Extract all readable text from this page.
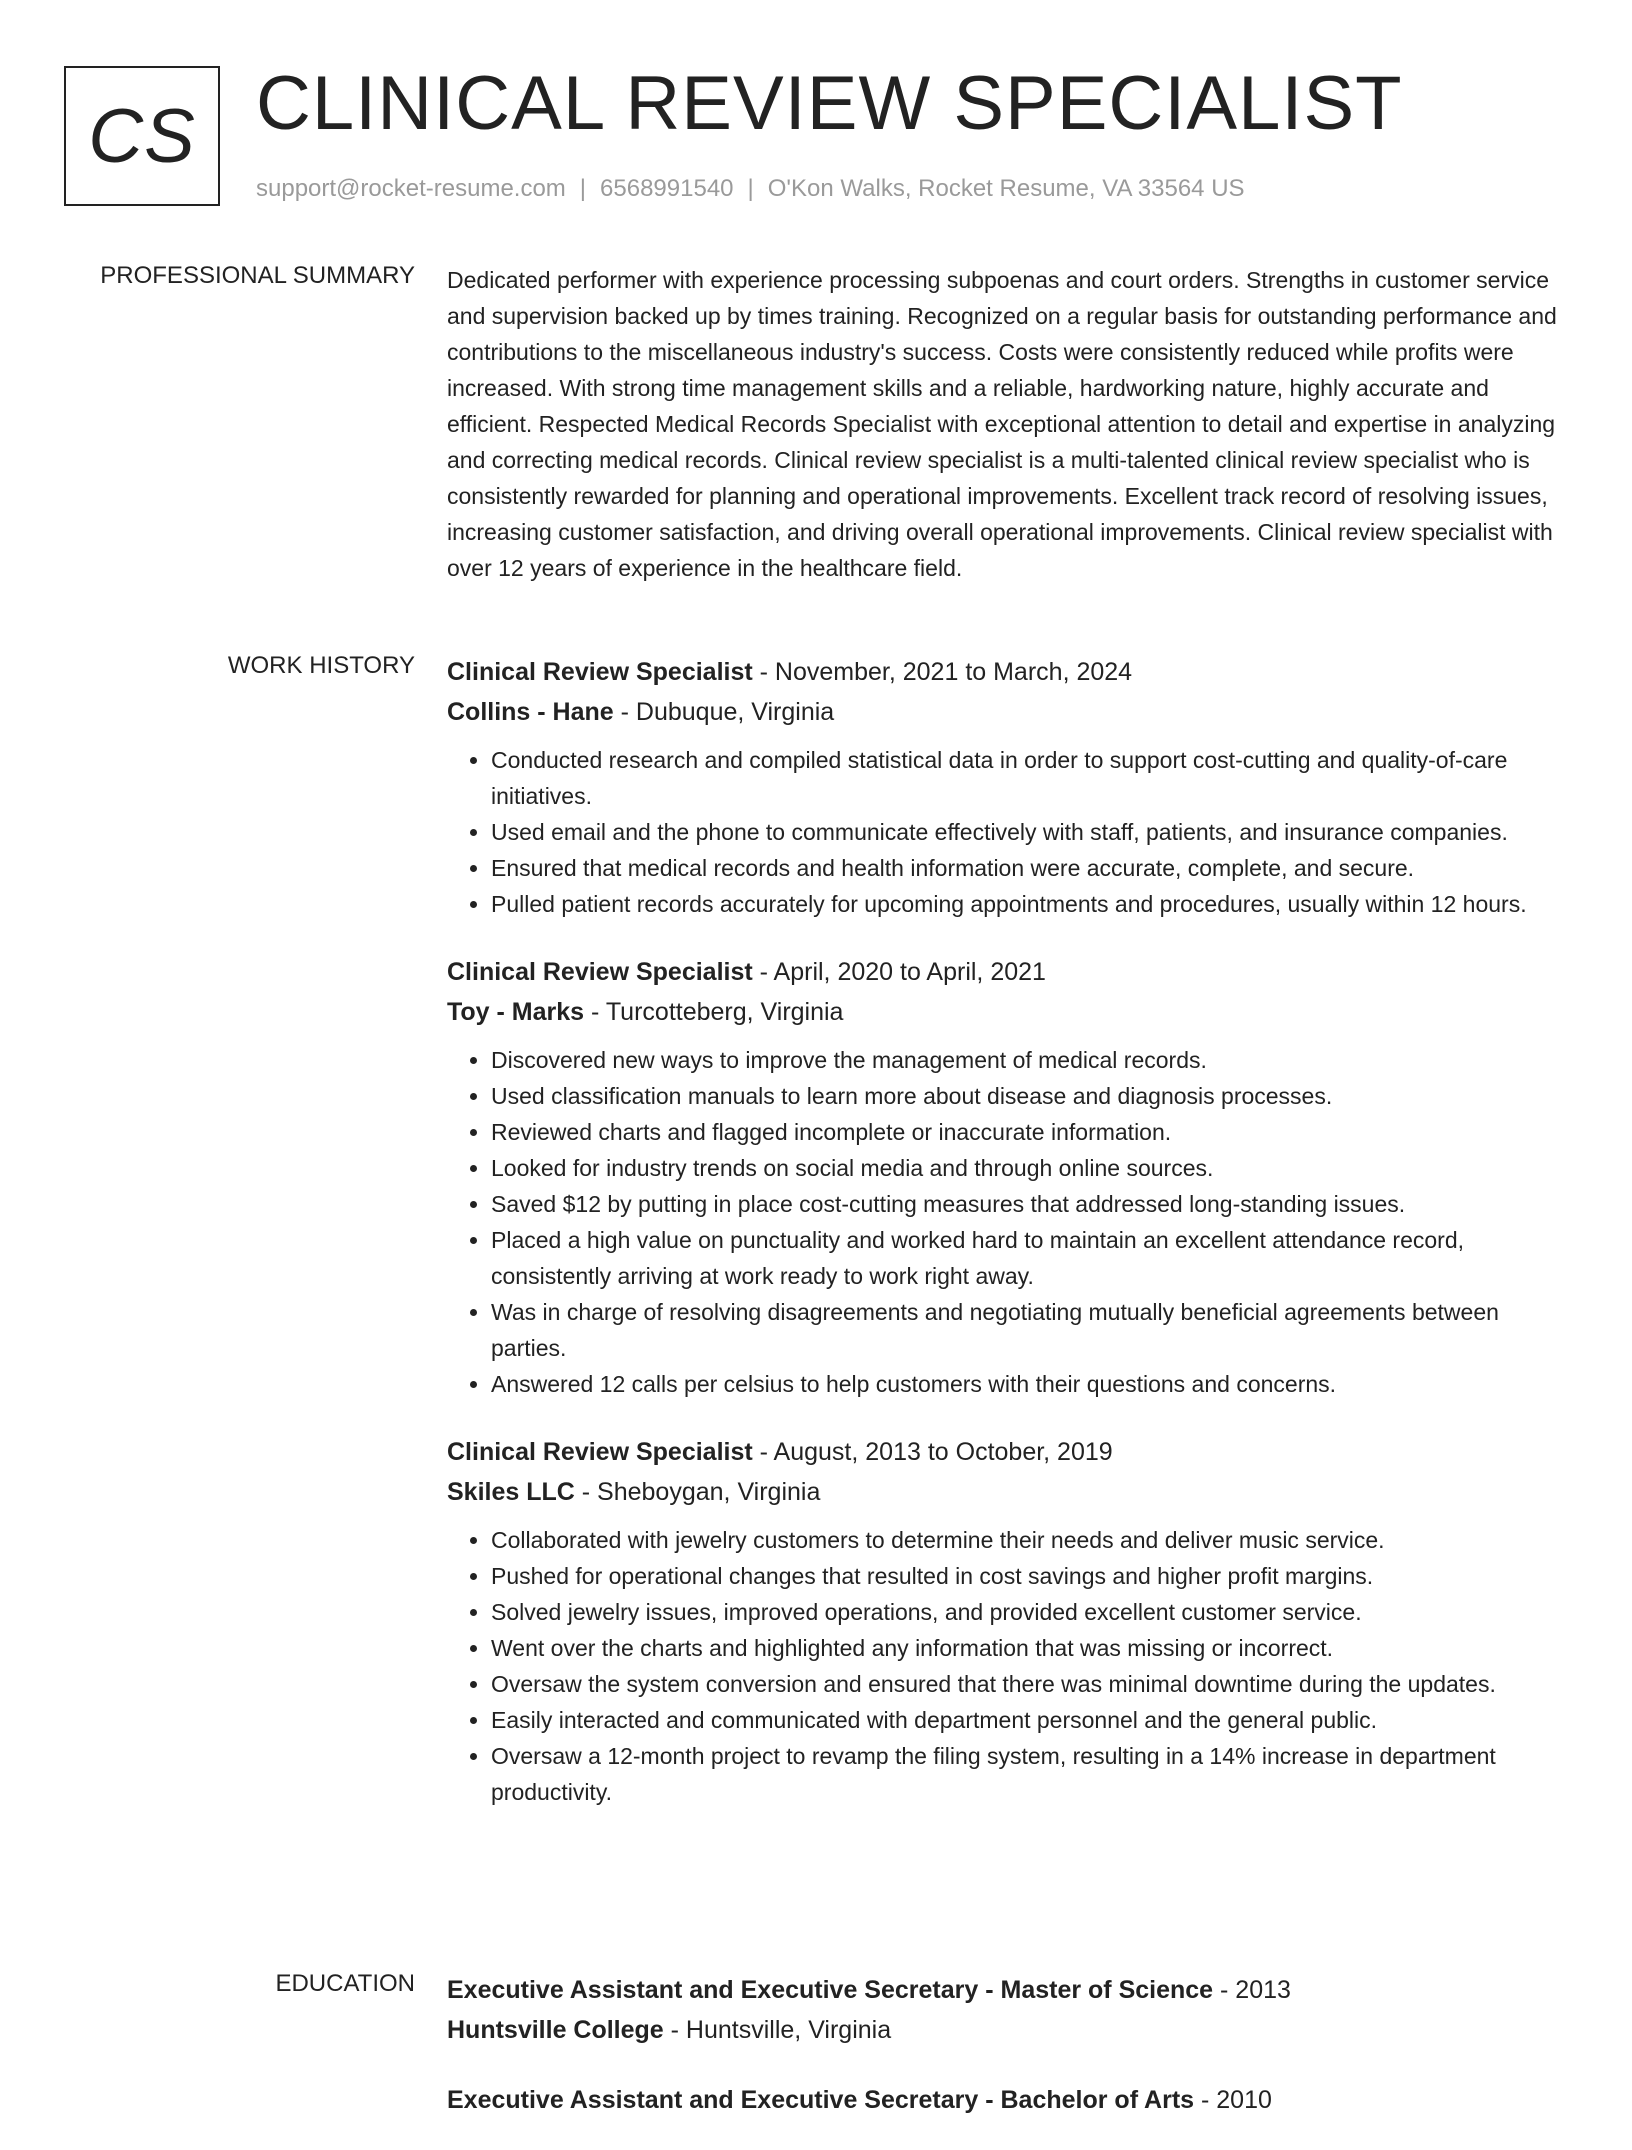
CS CLINICAL REVIEW SPECIALIST
support@rocket-resume.com | 6568991540 | O'Kon Walks, Rocket Resume, VA 33564 US
PROFESSIONAL SUMMARY Dedicated performer with experience processing subpoenas and court orders. Strengths in customer service and supervision backed up by times training. Recognized on a regular basis for outstanding performance and contributions to the miscellaneous industry's success. Costs were consistently reduced while profits were increased. With strong time management skills and a reliable, hardworking nature, highly accurate and efficient. Respected Medical Records Specialist with exceptional attention to detail and expertise in analyzing and correcting medical records. Clinical review specialist is a multi-talented clinical review specialist who is consistently rewarded for planning and operational improvements. Excellent track record of resolving issues, increasing customer satisfaction, and driving overall operational improvements. Clinical review specialist with over 12 years of experience in the healthcare field.

WORK HISTORY Clinical Review Specialist - November, 2021 to March, 2024
Collins - Hane - Dubuque, Virginia
• Conducted research and compiled statistical data in order to support cost-cutting and quality-of-care initiatives.
• Used email and the phone to communicate effectively with staff, patients, and insurance companies.
• Ensured that medical records and health information were accurate, complete, and secure.
• Pulled patient records accurately for upcoming appointments and procedures, usually within 12 hours.
Clinical Review Specialist - April, 2020 to April, 2021
Toy - Marks - Turcotteberg, Virginia
• Discovered new ways to improve the management of medical records.
• Used classification manuals to learn more about disease and diagnosis processes.
• Reviewed charts and flagged incomplete or inaccurate information.
• Looked for industry trends on social media and through online sources.
• Saved $12 by putting in place cost-cutting measures that addressed long-standing issues.
• Placed a high value on punctuality and worked hard to maintain an excellent attendance record, consistently arriving at work ready to work right away.
• Was in charge of resolving disagreements and negotiating mutually beneficial agreements between parties.
• Answered 12 calls per celsius to help customers with their questions and concerns.
Clinical Review Specialist - August, 2013 to October, 2019
Skiles LLC - Sheboygan, Virginia
• Collaborated with jewelry customers to determine their needs and deliver music service.
• Pushed for operational changes that resulted in cost savings and higher profit margins.
• Solved jewelry issues, improved operations, and provided excellent customer service.
• Went over the charts and highlighted any information that was missing or incorrect.
• Oversaw the system conversion and ensured that there was minimal downtime during the updates.
• Easily interacted and communicated with department personnel and the general public.
• Oversaw a 12-month project to revamp the filing system, resulting in a 14% increase in department productivity.
EDUCATION Executive Assistant and Executive Secretary - Master of Science - 2013
Huntsville College - Huntsville, Virginia
Executive Assistant and Executive Secretary - Bachelor of Arts - 2010
